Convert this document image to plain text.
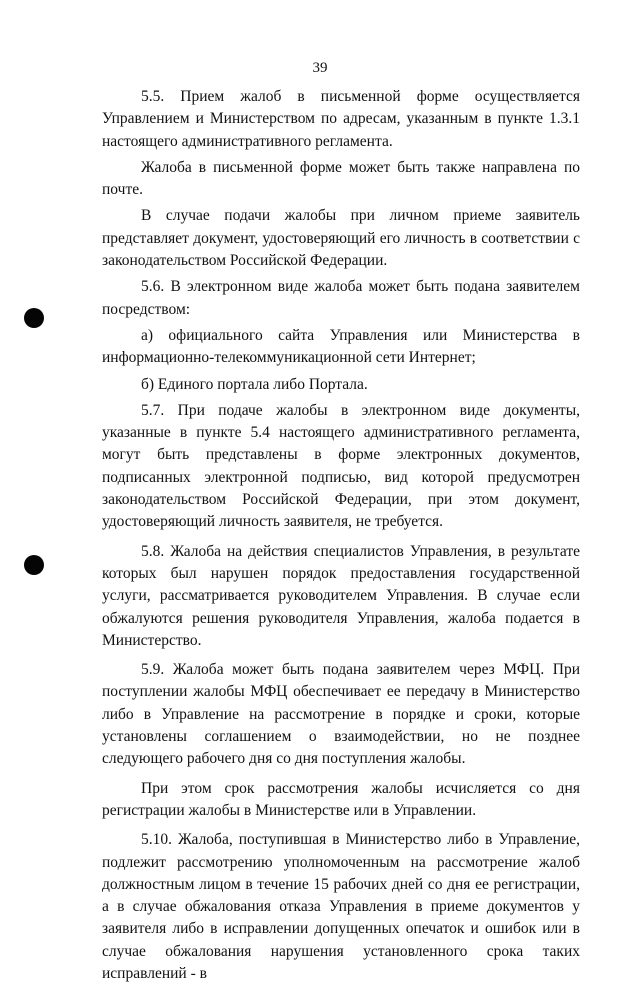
39

5.5. Прием жалоб в письменной форме осуществляется Управлением и Министерством по адресам, указанным в пункте 1.3.1 настоящего административного регламента.

Жалоба в письменной форме может быть также направлена по почте.

В случае подачи жалобы при личном приеме заявитель представляет документ, удостоверяющий его личность в соответствии с законодательством Российской Федерации.

5.6. В электронном виде жалоба может быть подана заявителем посредством:

а) официального сайта Управления или Министерства в информационно-телекоммуникационной сети Интернет;

б) Единого портала либо Портала.

5.7. При подаче жалобы в электронном виде документы, указанные в пункте 5.4 настоящего административного регламента, могут быть представлены в форме электронных документов, подписанных электронной подписью, вид которой предусмотрен законодательством Российской Федерации, при этом документ, удостоверяющий личность заявителя, не требуется.

5.8. Жалоба на действия специалистов Управления, в результате которых был нарушен порядок предоставления государственной услуги, рассматривается руководителем Управления. В случае если обжалуются решения руководителя Управления, жалоба подается в Министерство.

5.9. Жалоба может быть подана заявителем через МФЦ. При поступлении жалобы МФЦ обеспечивает ее передачу в Министерство либо в Управление на рассмотрение в порядке и сроки, которые установлены соглашением о взаимодействии, но не позднее следующего рабочего дня со дня поступления жалобы.

При этом срок рассмотрения жалобы исчисляется со дня регистрации жалобы в Министерстве или в Управлении.

5.10. Жалоба, поступившая в Министерство либо в Управление, подлежит рассмотрению уполномоченным на рассмотрение жалоб должностным лицом в течение 15 рабочих дней со дня ее регистрации, а в случае обжалования отказа Управления в приеме документов у заявителя либо в исправлении допущенных опечаток и ошибок или в случае обжалования нарушения установленного срока таких исправлений - в
